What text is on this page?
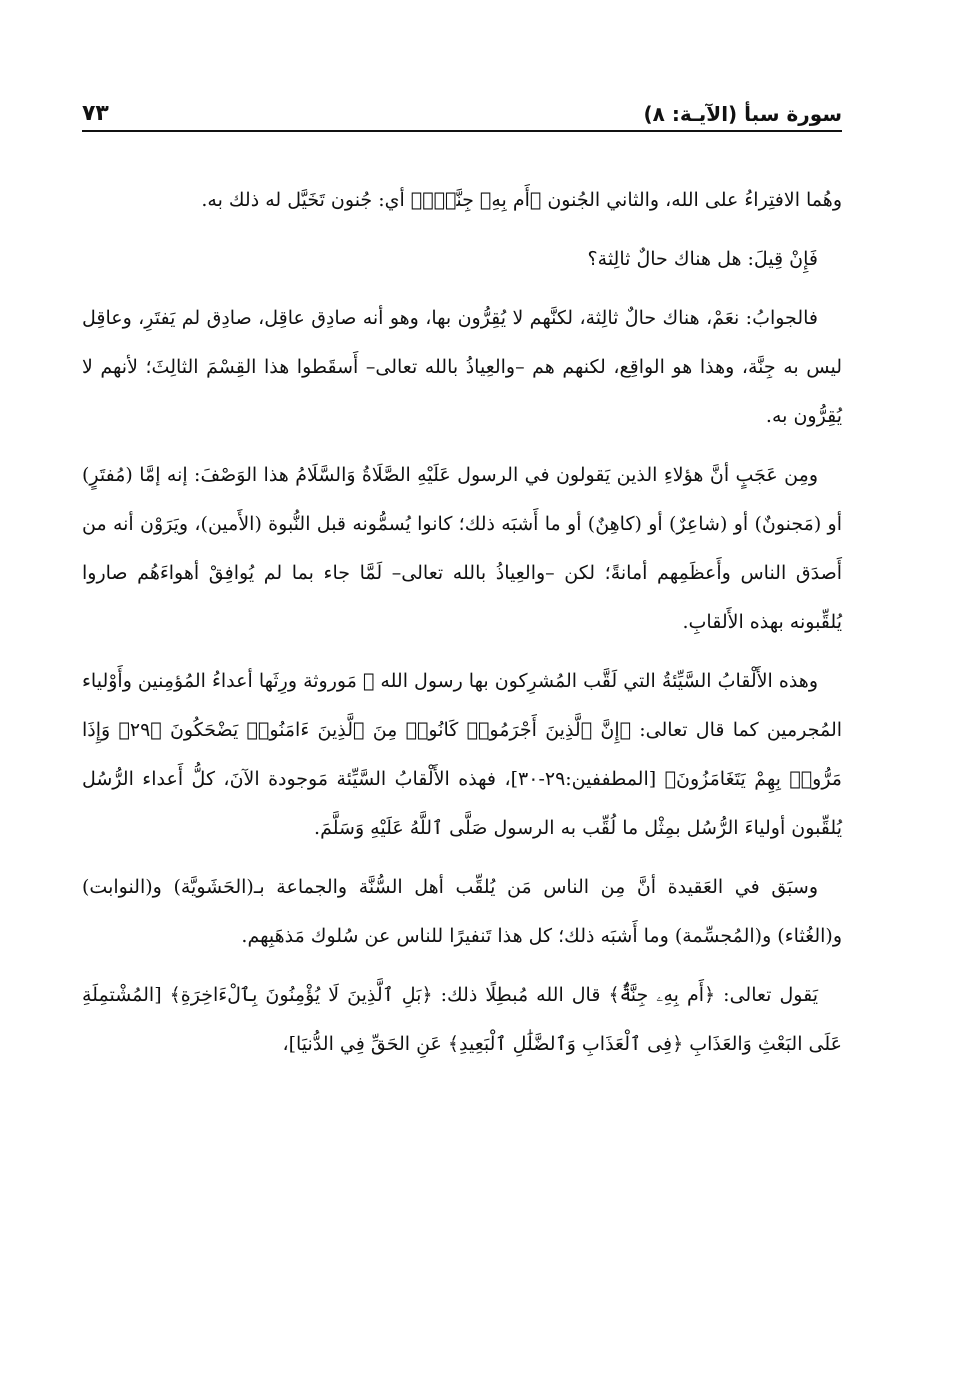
سورة سبأ (الآيـة: ٨)
٧٣

وهُما الافتِراءُ على الله، والثاني الجُنون ﴿أَم بِهِۦ جِنَّةٌۢ﴾ أي: جُنون تَخَيَّل له ذلك به.

فَإِنْ قِيلَ: هل هناك حالٌ ثالِثة؟

فالجوابُ: نعَمْ، هناك حالٌ ثالِثة، لكنَّهم لا يُقِرُّون بها، وهو أنه صادِق عاقِل، صادِق لم يَفتَرِ، وعاقِل ليس به جِنَّة، وهذا هو الواقِع، لكنهم هم –والعِياذُ بالله تعالى– أَسقَطوا هذا القِسْمَ الثالِثَ؛ لأنهم لا يُقِرُّون به.

ومِن عَجَبٍ أنَّ هؤلاءِ الذين يَقولون في الرسول عَلَيْهِ الصَّلَاةُ وَالسَّلَامُ هذا الوَصْفَ: إنه إمَّا (مُفتَرٍ) أو (مَجنونٌ) أو (شاعِرٌ) أو (كاهِنٌ) أو ما أَشبَه ذلك؛ كانوا يُسمُّونه قبل النُّبوة (الأَمين)، ويَرَوْن أنه من أَصدَق الناس وأَعظَمِهم أمانةً؛ لكن –والعِياذُ بالله تعالى– لَمَّا جاء بما لم يُوافِقْ أهواءَهُم صاروا يُلقِّبونه بهذه الأَلقابِ.

وهذه الأَلْقابُ السَّيِّئةُ التي لَقَّب المُشرِكون بها رسول الله ﷺ مَوروثة ورِثَها أعداءُ المُؤمِنين وأَوْلياء المُجرمين كما قال تعالى: ﴿إِنَّ ٱلَّذِينَ أَجْرَمُوا۟ كَانُوا۟ مِنَ ٱلَّذِينَ ءَامَنُوا۟ يَضْحَكُونَ ﴿٢٩﴾ وَإِذَا مَرُّوا۟ بِهِمْ يَتَغَامَزُونَ﴾ [المطففين:٢٩-٣٠]، فهذه الأَلْقابُ السَّيِّئة مَوجودة الآنَ، كلُّ أَعداء الرُّسُل يُلقِّبون أولياءَ الرُّسُل بمِثْل ما لُقِّب به الرسول صَلَّى ٱللَّهُ عَلَيْهِ وَسَلَّمَ.

وسبَق في العَقيدة أنَّ مِن الناس مَن يُلقِّب أهل السُّنَّة والجماعة بـ(الحَشَويَّة) و(النوابت) و(الغُثاء) و(المُجسِّمة) وما أَشبَه ذلك؛ كل هذا تَنفيرًا للناس عن سُلوك مَذهَبِهم.

يَقول تعالى: ﴿أَم بِهِۦ جِنَّةٌۢ﴾ قال الله مُبطِلًا ذلك: ﴿بَلِ ٱلَّذِينَ لَا يُؤْمِنُونَ بِٱلْءَاخِرَةِ﴾ [المُشْتمِلَةِ عَلَى البَعْثِ وَالعَذَابِ ﴿فِى ٱلْعَذَابِ وَٱلضَّلَٰلِ ٱلْبَعِيدِ﴾ عَنِ الحَقِّ فِي الدُّنيَا]،
